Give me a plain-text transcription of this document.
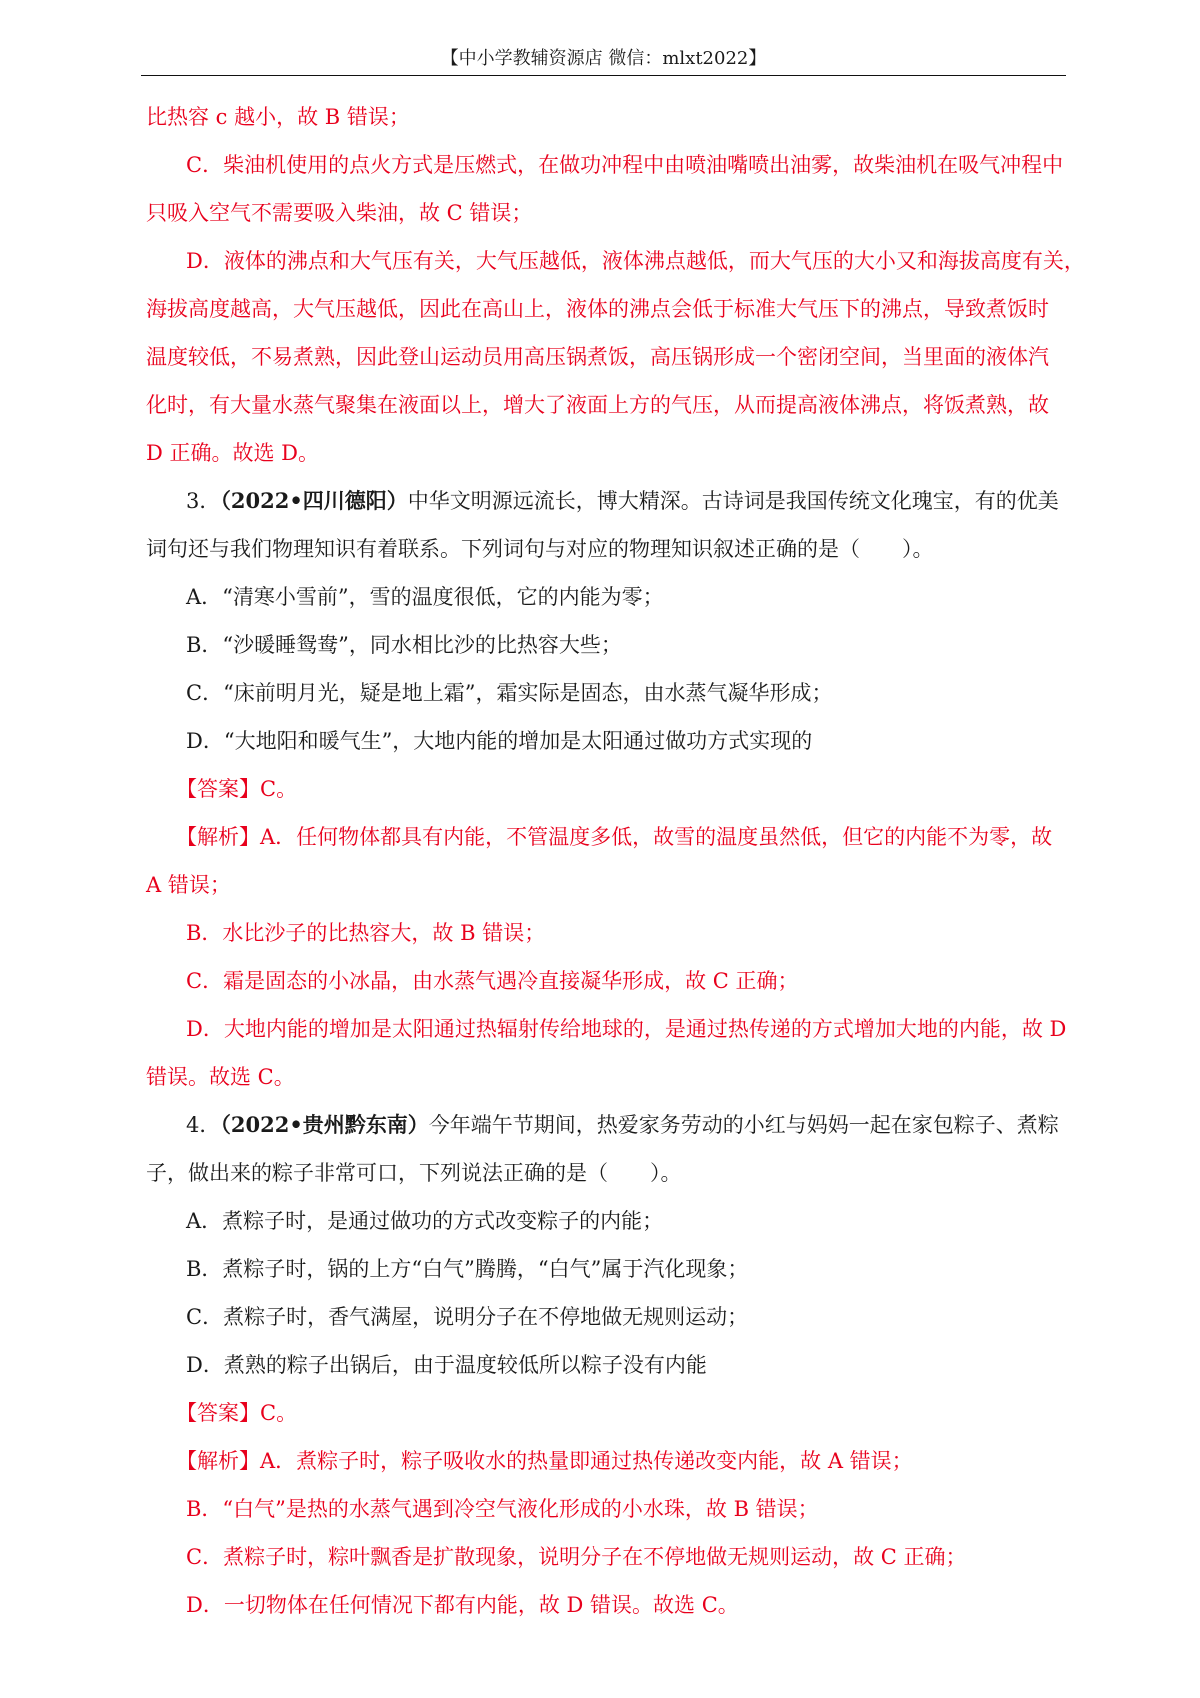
【中小学教辅资源店 微信：mlxt2022】
比热容 c 越小，故 B 错误；
C．柴油机使用的点火方式是压燃式，在做功冲程中由喷油嘴喷出油雾，故柴油机在吸气冲程中
只吸入空气不需要吸入柴油，故 C 错误；
D．液体的沸点和大气压有关，大气压越低，液体沸点越低，而大气压的大小又和海拔高度有关，
海拔高度越高，大气压越低，因此在高山上，液体的沸点会低于标准大气压下的沸点，导致煮饭时
温度较低，不易煮熟，因此登山运动员用高压锅煮饭，高压锅形成一个密闭空间，当里面的液体汽
化时，有大量水蒸气聚集在液面以上，增大了液面上方的气压，从而提高液体沸点，将饭煮熟，故
D 正确。故选 D。
3．（2022•四川德阳）中华文明源远流长，博大精深。古诗词是我国传统文化瑰宝，有的优美
词句还与我们物理知识有着联系。下列词句与对应的物理知识叙述正确的是（　　）。
A．“清寒小雪前”，雪的温度很低，它的内能为零；
B．“沙暖睡鸳鸯”，同水相比沙的比热容大些；
C．“床前明月光，疑是地上霜”，霜实际是固态，由水蒸气凝华形成；
D．“大地阳和暖气生”，大地内能的增加是太阳通过做功方式实现的
【答案】C。
【解析】A．任何物体都具有内能，不管温度多低，故雪的温度虽然低，但它的内能不为零，故
A 错误；
B．水比沙子的比热容大，故 B 错误；
C．霜是固态的小冰晶，由水蒸气遇冷直接凝华形成，故 C 正确；
D．大地内能的增加是太阳通过热辐射传给地球的，是通过热传递的方式增加大地的内能，故 D
错误。故选 C。
4．（2022•贵州黔东南）今年端午节期间，热爱家务劳动的小红与妈妈一起在家包粽子、煮粽
子，做出来的粽子非常可口，下列说法正确的是（　　）。
A．煮粽子时，是通过做功的方式改变粽子的内能；
B．煮粽子时，锅的上方“白气”腾腾，“白气”属于汽化现象；
C．煮粽子时，香气满屋，说明分子在不停地做无规则运动；
D．煮熟的粽子出锅后，由于温度较低所以粽子没有内能
【答案】C。
【解析】A．煮粽子时，粽子吸收水的热量即通过热传递改变内能，故 A 错误；
B．“白气”是热的水蒸气遇到冷空气液化形成的小水珠，故 B 错误；
C．煮粽子时，粽叶飘香是扩散现象，说明分子在不停地做无规则运动，故 C 正确；
D．一切物体在任何情况下都有内能，故 D 错误。故选 C。
